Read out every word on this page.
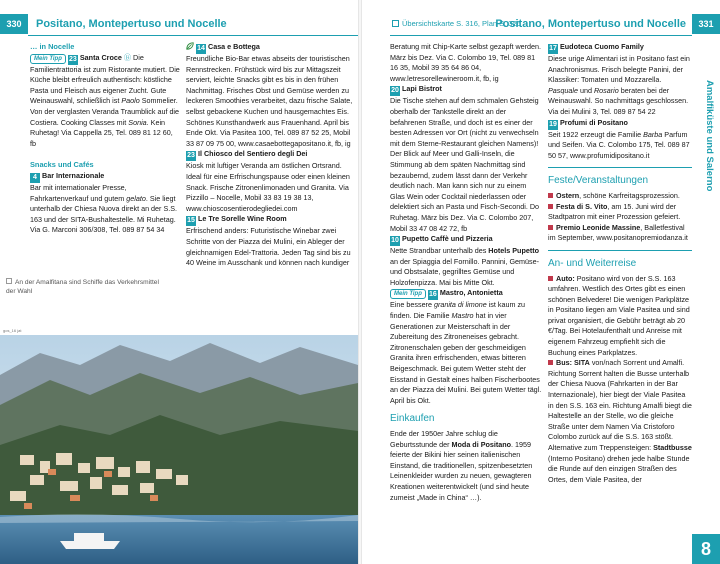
330	Positano, Montepertuso und Nocelle

… in Nocelle

Mein Tipp 23 Santa Croce Ⓑ Die Familientrattoria ist zum Ristorante mutiert. Die Küche bleibt erfreulich authentisch: köstliche Pasta und Fleisch aus eigener Zucht. Gute Weinauswahl, schließlich ist Paolo Sommelier. Von der verglasten Veranda Traumblick auf die Costiera. Cooking Classes mit Sonia. Kein Ruhetag! Via Cappella 25, Tel. 089 81 12 60, fb

Snacks und Cafés

4 Bar Internazionale
Bar mit internationaler Presse, Fahrkartenverkauf und gutem gelato. Sie liegt unterhalb der Chiesa Nuova direkt an der S.S. 163 und der SITA-Bushaltestelle. Mi Ruhetag. Via G. Marconi 306/308, Tel. 089 87 54 34

14 Casa e Bottega
Freundliche Bio-Bar etwas abseits der touristischen Rennstrecken. Frühstück wird bis zur Mittagszeit serviert, leichte Snacks gibt es bis in den frühen Nachmittag. Frisches Obst und Gemüse werden zu leckeren Smoothies verarbeitet, dazu frische Salate, selbst gebackene Kuchen und hausgemachtes Eis. Schönes Kunsthandwerk aus Frauenhand. April bis Ende Okt. Via Pasitea 100, Tel. 089 87 52 25, Mobil 33 87 09 75 00, www.casaebottegapositano.it, fb, ig

23 Il Chiosco del Sentiero degli Dei
Kiosk mit luftiger Veranda am östlichen Ortsrand. Ideal für eine Erfrischungspause oder einen kleinen Snack. Frische Zitronenlimonaden und Granita. Via Pizzillo – Nocelle, Mobil 33 83 19 38 13, www.chioscosentierodegliedei.com

15 Le Tre Sorelle Wine Room
Erfrischend anders: Futuristische Winebar zwei Schritte von der Piazza dei Mulini, ein Ableger der gleichnamigen Edel-Trattoria. Jeden Tag sind bis zu 40 Weine im Ausschank und können nach kundiger

An der Amalfitana sind Schiffe das Verkehrsmittel der Wahl
gos_16 jat
Übersichtskarte S. 316, Plan S. 326
Positano, Montepertuso und Nocelle	331

Beratung mit Chip-Karte selbst gezapft werden. März bis Dez. Via C. Colombo 19, Tel. 089 81 16 35, Mobil 39 35 64 86 04, www.letresorellewineroom.it, fb, ig

20 Lapi Bistrot
Die Tische stehen auf dem schmalen Gehsteig oberhalb der Tankstelle direkt an der befahrenen Straße, und doch ist es einer der besten Adressen vor Ort (nicht zu verwechseln mit dem Sterne-Restaurant gleichen Namens)! Der Blick auf Meer und Galli-Inseln, die Stimmung ab dem späten Nachmittag sind bezaubernd, zudem lässt dann der Verkehr deutlich nach. Man kann sich nur zu einem Glas Wein oder Cocktail niederlassen oder delektiert sich an Pasta und Fisch-Secondi. Do Ruhetag. März bis Dez. Via C. Colombo 207, Mobil 33 47 08 42 72, fb

10 Pupetto Caffè und Pizzeria
Nette Strandbar unterhalb des Hotels Pupetto an der Spiaggia del Fornillo. Pannini, Gemüse- und Obstsalate, gegrilltes Gemüse und Holzofenpizza. Mai bis Mitte Okt.

Mein Tipp 16 Mastro, Antonietta
Eine bessere granita di limone ist kaum zu finden. Die Familie Mastro hat in vier Generationen zur Meisterschaft in der Zubereitung des Zitroneneises gebracht. Zitronenschalen geben der geschmeidigen Granita ihren erfrischenden, etwas bitteren Beigeschmack. Bei gutem Wetter steht der Eisstand in Gestalt eines halben Fischerbootes an der Piazza dei Mulini. Bei gutem Wetter tägl. April bis Okt.

Einkaufen

Ende der 1950er Jahre schlug die Geburtsstunde der Moda di Positano. 1959 feierte der Bikini hier seinen italienischen Einstand, die traditionellen, spitzenbesetzten Leinenkleider wurden zu neuen, gewagteren Kreationen weiterentwickelt (und sind heute zumeist „Made in China“ …).

17 Eudoteca Cuomo Family
Diese urige Alimentari ist in Positano fast ein Anachronismus. Frisch belegte Panini, der Klassiker: Tomaten und Mozzarella. Pasquale und Rosario beraten bei der Weinauswahl. So nachmittags geschlossen. Via dei Mulini 3, Tel. 089 87 54 22

19 Profumi di Positano
Seit 1922 erzeugt die Familie Barba Parfum und Seifen. Via C. Colombo 175, Tel. 089 87 50 57, www.profumidipositano.it

Feste/Veranstaltungen

Ostern, schöne Karfreitagsprozession.

Festa di S. Vito, am 15. Juni wird der Stadtpatron mit einer Prozession gefeiert.

Premio Leonide Massine, Balletfestival im September, www.positanopremiodanza.it

An- und Weiterreise

Auto: Positano wird von der S.S. 163 umfahren. Westlich des Ortes gibt es einen schönen Belvedere! Die wenigen Parkplätze in Positano liegen am Viale Pasitea und sind privat organisiert, die Gebühr beträgt ab 20 €/Tag. Bei Hotelaufenthalt und Anreise mit eigenem Fahrzeug empfiehlt sich die Buchung eines Parkplatzes.

Bus: SITA von/nach Sorrent und Amalfi. Richtung Sorrent halten die Busse unterhalb der Chiesa Nuova (Fahrkarten in der Bar Internazionale), hier biegt der Viale Pasitea in den S.S. 163 ein. Richtung Amalfi biegt die Haltestelle an der Stelle, wo die gleiche Straße unter dem Namen Via Cristoforo Colombo zurück auf die S.S. 163 stößt. Alternative zum Treppensteigen: Stadtbusse (Interno Positano) drehen jede halbe Stunde die Runde auf den einzigen Straßen des Ortes, dem Viale Pasitea, der

Amalfiküste und Salerno
8
